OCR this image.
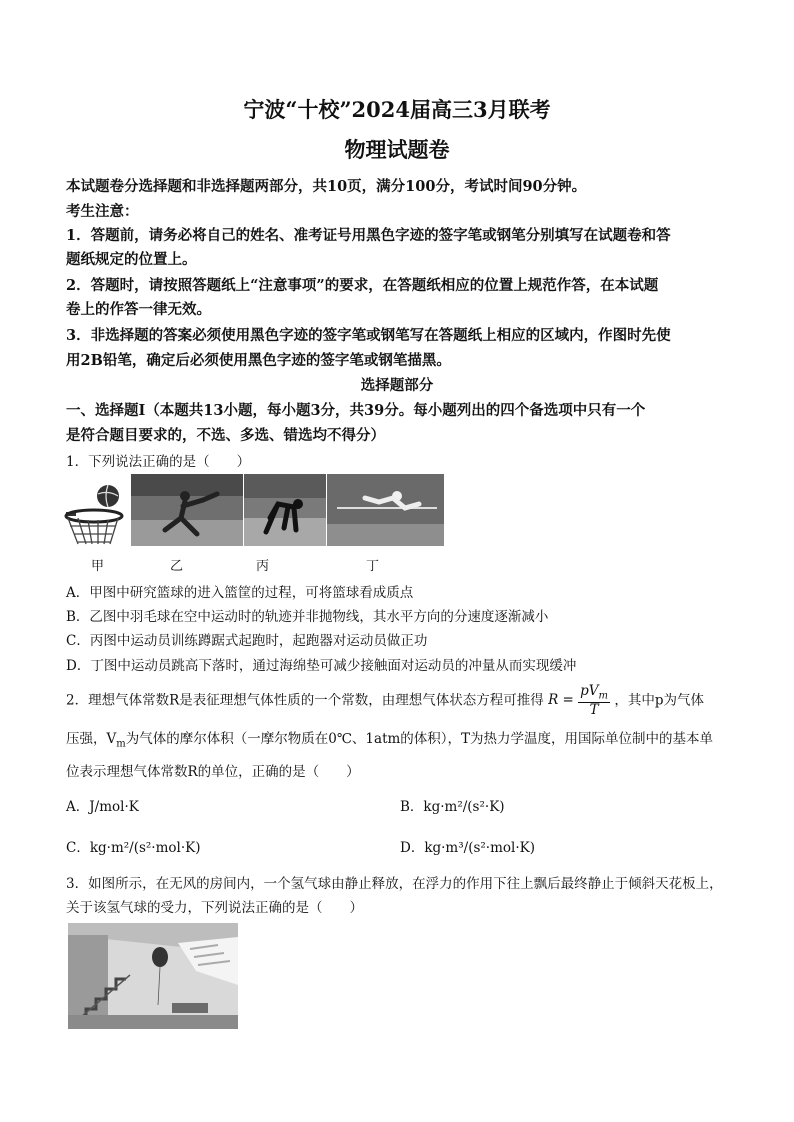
宁波“十校”2024届高三3月联考
物理试题卷
本试题卷分选择题和非选择题两部分，共10页，满分100分，考试时间90分钟。
考生注意：
1．答题前，请务必将自己的姓名、准考证号用黑色字迹的签字笔或钢笔分别填写在试题卷和答
题纸规定的位置上。
2．答题时，请按照答题纸上“注意事项”的要求，在答题纸相应的位置上规范作答，在本试题
卷上的作答一律无效。
3．非选择题的答案必须使用黑色字迹的签字笔或钢笔写在答题纸上相应的区域内，作图时先使
用2B铅笔，确定后必须使用黑色字迹的签字笔或钢笔描黑。
选择题部分
一、选择题Ⅰ（本题共13小题，每小题3分，共39分。每小题列出的四个备选项中只有一个
是符合题目要求的，不选、多选、错选均不得分）
1．下列说法正确的是（　　）
甲	乙	丙	丁
A．甲图中研究篮球的进入篮筐的过程，可将篮球看成质点
B．乙图中羽毛球在空中运动时的轨迹并非抛物线，其水平方向的分速度逐渐减小
C．丙图中运动员训练蹲踞式起跑时，起跑器对运动员做正功
D．丁图中运动员跳高下落时，通过海绵垫可减少接触面对运动员的冲量从而实现缓冲
2．理想气体常数R是表征理想气体性质的一个常数，由理想气体状态方程可推得 $R = \frac{pV_m}{T}$ ，其中p为气体
压强，$V_m$为气体的摩尔体积（一摩尔物质在0℃、1atm的体积），T为热力学温度，用国际单位制中的基本单
位表示理想气体常数R的单位，正确的是（　　）
A．J/mol·K	B．kg·m²/(s²·K)
C．kg·m²/(s²·mol·K)	D．kg·m³/(s²·mol·K)
3．如图所示，在无风的房间内，一个氢气球由静止释放，在浮力的作用下往上飘后最终静止于倾斜天花板上，
关于该氢气球的受力，下列说法正确的是（　　）
